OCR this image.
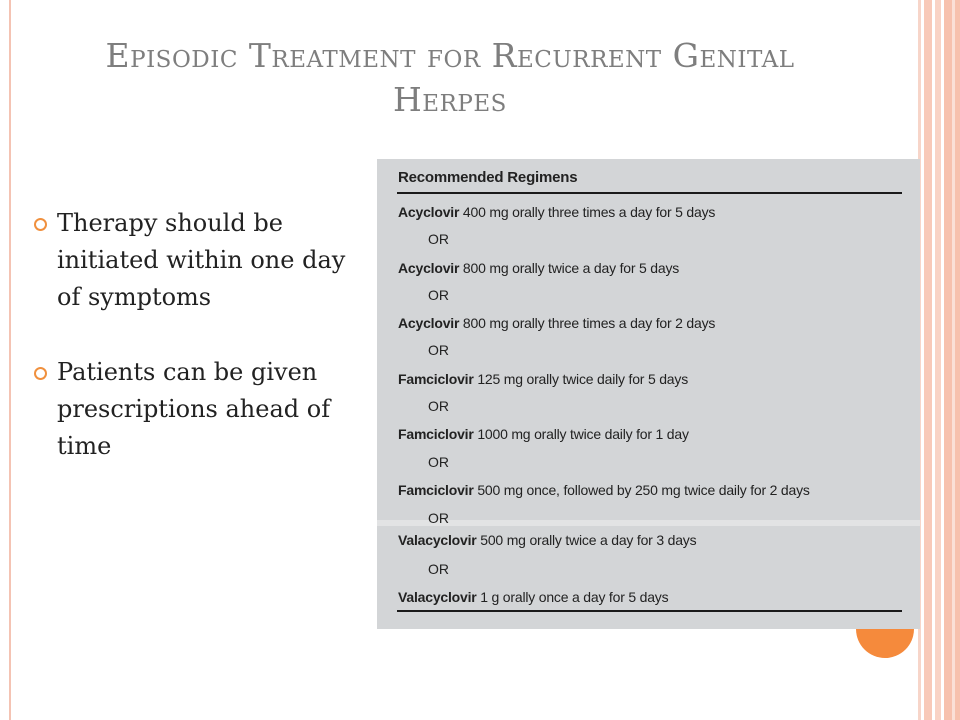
Episodic Treatment for Recurrent Genital Herpes
Therapy should be initiated within one day of symptoms
Patients can be given prescriptions ahead of time
Recommended Regimens
Acyclovir 400 mg orally three times a day for 5 days
OR
Acyclovir 800 mg orally twice a day for 5 days
OR
Acyclovir 800 mg orally three times a day for 2 days
OR
Famciclovir 125 mg orally twice daily for 5 days
OR
Famciclovir 1000 mg orally twice daily for 1 day
OR
Famciclovir 500 mg once, followed by 250 mg twice daily for 2 days
OR
Valacyclovir 500 mg orally twice a day for 3 days
OR
Valacyclovir 1 g orally once a day for 5 days
